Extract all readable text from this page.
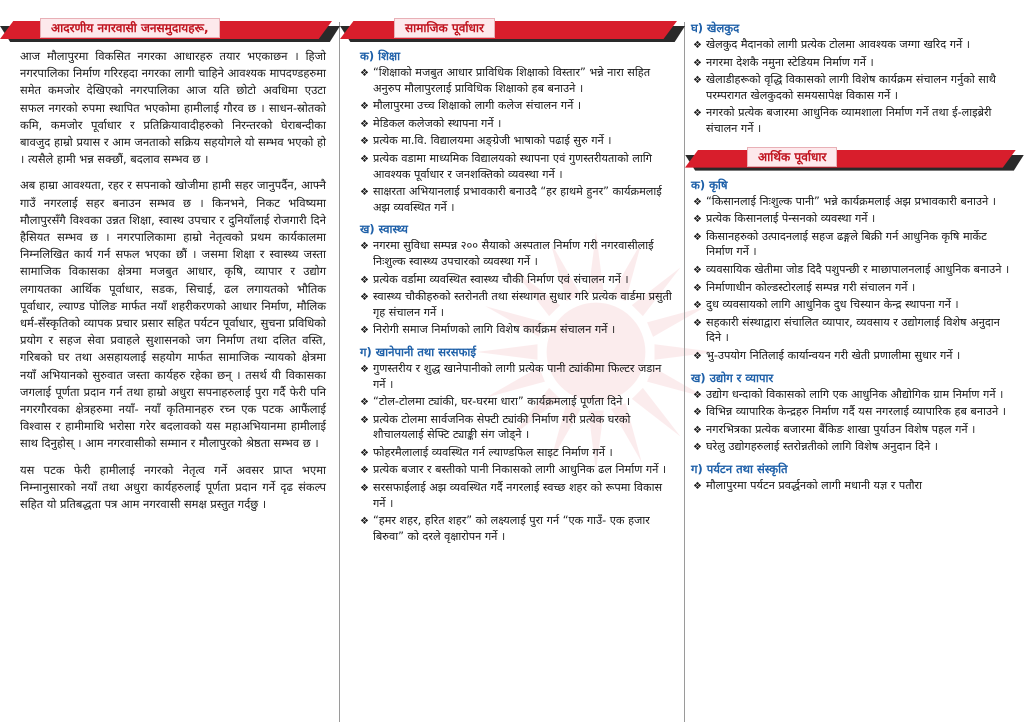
आदरणीय नगरवासी जनसमुदायहरू,

आज मौलापुरमा विकसित नगरका आधारहरु तयार भएकाछन । हिजो नगरपालिका निर्माण गरिरहदा नगरका लागी चाहिने आवश्यक मापदण्डहरुमा समेत कमजोर देखिएको नगरपालिका आज यति छोटो अवधिमा एउटा सफल नगरको रुपमा स्थापित भएकोमा हामीलाई गौरव छ । साधन-स्रोतको कमि, कमजोर पूर्वाधार र प्रतिक्रियावादीहरुको निरन्तरको घेराबन्दीका बावजुद हाम्रो प्रयास र आम जनताको सक्रिय सहयोगले यो सम्भव भएको हो । त्यसैले हामी भन्न सक्छौं, बदलाव सम्भव छ ।

अब हाम्रा आवश्यता, रहर र सपनाको खोजीमा हामी सहर जानुपर्दैन, आफ्नै गाउँ नगरलाई सहर बनाउन सम्भव छ । किनभने, निकट भविष्यमा मौलापुरसँगै विश्वका उन्नत शिक्षा, स्वास्थ उपचार र दुनियाँलाई रोजगारी दिने हैसियत सम्भव छ । नगरपालिकामा हाम्रो नेतृत्वको प्रथम कार्यकालमा निम्नलिखित कार्य गर्न सफल भएका छौं । जसमा शिक्षा र स्वास्थ्य जस्ता सामाजिक विकासका क्षेत्रमा मजबुत आधार, कृषि, व्यापार र उद्योग लगायतका आर्थिक पूर्वाधार, सडक, सिचाई, ढल लगायतको भौतिक पूर्वाधार, ल्याण्ड पोलिङ मार्फत नयाँ शहरीकरणको आधार निर्माण, मौलिक धर्म-सँस्कृतिको व्यापक प्रचार प्रसार सहित पर्यटन पूर्वाधार, सुचना प्रविधिको प्रयोग र सहज सेवा प्रवाहले सुशासनको जग निर्माण तथा दलित वस्ति, गरिबको घर तथा असहायलाई सहयोग मार्फत सामाजिक न्यायको क्षेत्रमा नयाँ अभियानको सुरुवात जस्ता कार्यहरु रहेका छन् । तसर्थ यी विकासका जगलाई पूर्णता प्रदान गर्न तथा हाम्रो अधुरा सपनाहरुलाई पुरा गर्दै फेरी पनि नगरगौरवका क्षेत्रहरुमा नयाँ- नयाँ कृतिमानहरु रच्न एक पटक आफैंलाई विश्वास र हामीमाथि भरोसा गरेर बदलावको यस महाअभियानमा हामीलाई साथ दिनुहोस् । आम नगरवासीको सम्मान र मौलापुरको श्रेष्ठता सम्भव छ ।

यस पटक फेरी हामीलाई नगरको नेतृत्व गर्ने अवसर प्राप्त भएमा निम्नानुसारको नयाँ तथा अधुरा कार्यहरुलाई पूर्णता प्रदान गर्ने दृढ संकल्प सहित यो प्रतिबद्धता पत्र आम नगरवासी समक्ष प्रस्तुत गर्दछु ।

सामाजिक पूर्वाधार
क) शिक्षा
❖ “शिक्षाको मजबुत आधार प्राविधिक शिक्षाको विस्तार” भन्ने नारा सहित अनुरुप मौलापुरलाई प्राविधिक शिक्षाको हब बनाउने ।
❖ मौलापुरमा उच्च शिक्षाको लागी कलेज संचालन गर्ने ।
❖ मेडिकल कलेजको स्थापना गर्ने ।
❖ प्रत्येक मा.वि. विद्यालयमा अङ्ग्रेजी भाषाको पढाई सुरु गर्ने ।
❖ प्रत्येक वडामा माध्यमिक विद्यालयको स्थापना एवं गुणस्तरीयताको लागि आवश्यक पूर्वाधार र जनशक्तिको व्यवस्था गर्ने ।
❖ साक्षरता अभियानलाई प्रभावकारी बनाउदै “हर हाथमे हुनर” कार्यक्रमलाई अझ व्यवस्थित गर्ने ।
ख) स्वास्थ्य
❖ नगरमा सुविधा सम्पन्न २०० सैयाको अस्पताल निर्माण गरी नगरवासीलाई निःशुल्क स्वास्थ्य उपचारको व्यवस्था गर्ने ।
❖ प्रत्येक वर्डामा व्यवस्थित स्वास्थ्य चौकी निर्माण एवं संचालन गर्ने ।
❖ स्वास्थ्य चौकीहरुको स्तरोनती तथा संस्थागत सुधार गरि प्रत्येक वार्डमा प्रसुती गृह संचालन गर्ने ।
❖ निरोगी समाज निर्माणको लागि विशेष कार्यक्रम संचालन गर्ने ।
ग) खानेपानी तथा सरसफाई
❖ गुणस्तरीय र शुद्ध खानेपानीको लागी प्रत्येक पानी ट्यांकीमा फिल्टर जडान गर्ने ।
❖ “टोल-टोलमा ट्यांकी, घर-घरमा धारा” कार्यक्रमलाई पूर्णता दिने ।
❖ प्रत्येक टोलमा सार्वजनिक सेफ्टी ट्यांकी निर्माण गरी प्रत्येक घरको शौचालयलाई सेफ्टि ट्याङ्की संग जोड्ने ।
❖ फोहरमैलालाई व्यवस्थित गर्न ल्याण्डफिल साइट निर्माण गर्ने ।
❖ प्रत्येक बजार र बस्तीको पानी निकासको लागी आधुनिक ढल निर्माण गर्ने ।
❖ सरसफाईलाई अझ व्यवस्थित गर्दै नगरलाई स्वच्छ शहर को रूपमा विकास गर्ने ।
❖ “हमर शहर, हरित शहर” को लक्ष्यलाई पुरा गर्न “एक गाउँ- एक हजार बिरुवा” को दरले वृक्षारोपन गर्ने ।
घ) खेलकुद
❖ खेलकुद मैदानको लागी प्रत्येक टोलमा आवश्यक जग्गा खरिद गर्ने ।
❖ नगरमा देशकै नमुना स्टेडियम निर्माण गर्ने ।
❖ खेलाडीहरूको वृद्धि विकासको लागी विशेष कार्यक्रम संचालन गर्नुको साथै परम्परागत खेलकुदको समयसापेक्ष विकास गर्ने ।
❖ नगरको प्रत्येक बजारमा आधुनिक व्यामशाला निर्माण गर्ने तथा ई-लाइब्रेरी संचालन गर्ने ।
आर्थिक पूर्वाधार
क) कृषि
❖ “किसानलाई निःशुल्क पानी” भन्ने कार्यक्रमलाई अझ प्रभावकारी बनाउने ।
❖ प्रत्येक किसानलाई पेन्सनको व्यवस्था गर्ने ।
❖ किसानहरुको उत्पादनलाई सहज ढङ्गले बिक्री गर्न आधुनिक कृषि मार्केट निर्माण गर्ने ।
❖ व्यवसायिक खेतीमा जोड दिदै पशुपन्छी र माछापालनलाई आधुनिक बनाउने ।
❖ निर्माणाधीन कोल्डस्टोरलाई सम्पन्न गरी संचालन गर्ने ।
❖ दुध व्यवसायको लागि आधुनिक दुध चिस्यान केन्द्र स्थापना गर्ने ।
❖ सहकारी संस्थाद्वारा संचालित व्यापार, व्यवसाय र उद्योगलाई विशेष अनुदान दिने ।
❖ भु-उपयोग नितिलाई कार्यान्वयन गरी खेती प्रणालीमा सुधार गर्ने ।
ख) उद्योग र व्यापार
❖ उद्योग धन्दाको विकासको लागि एक आधुनिक औद्योगिक ग्राम निर्माण गर्ने ।
❖ विभिन्न व्यापारिक केन्द्रहरु निर्माण गर्दै यस नगरलाई व्यापारिक हब बनाउने ।
❖ नगरभित्रका प्रत्येक बजारमा बैंकिङ शाखा पुर्याउन विशेष पहल गर्ने ।
❖ घरेलु उद्योगहरुलाई स्तरोन्नतीको लागि विशेष अनुदान दिने ।
ग) पर्यटन तथा संस्कृति
❖ मौलापुरमा पर्यटन प्रवर्द्धनको लागी मधानी यज्ञ र पतौरा
